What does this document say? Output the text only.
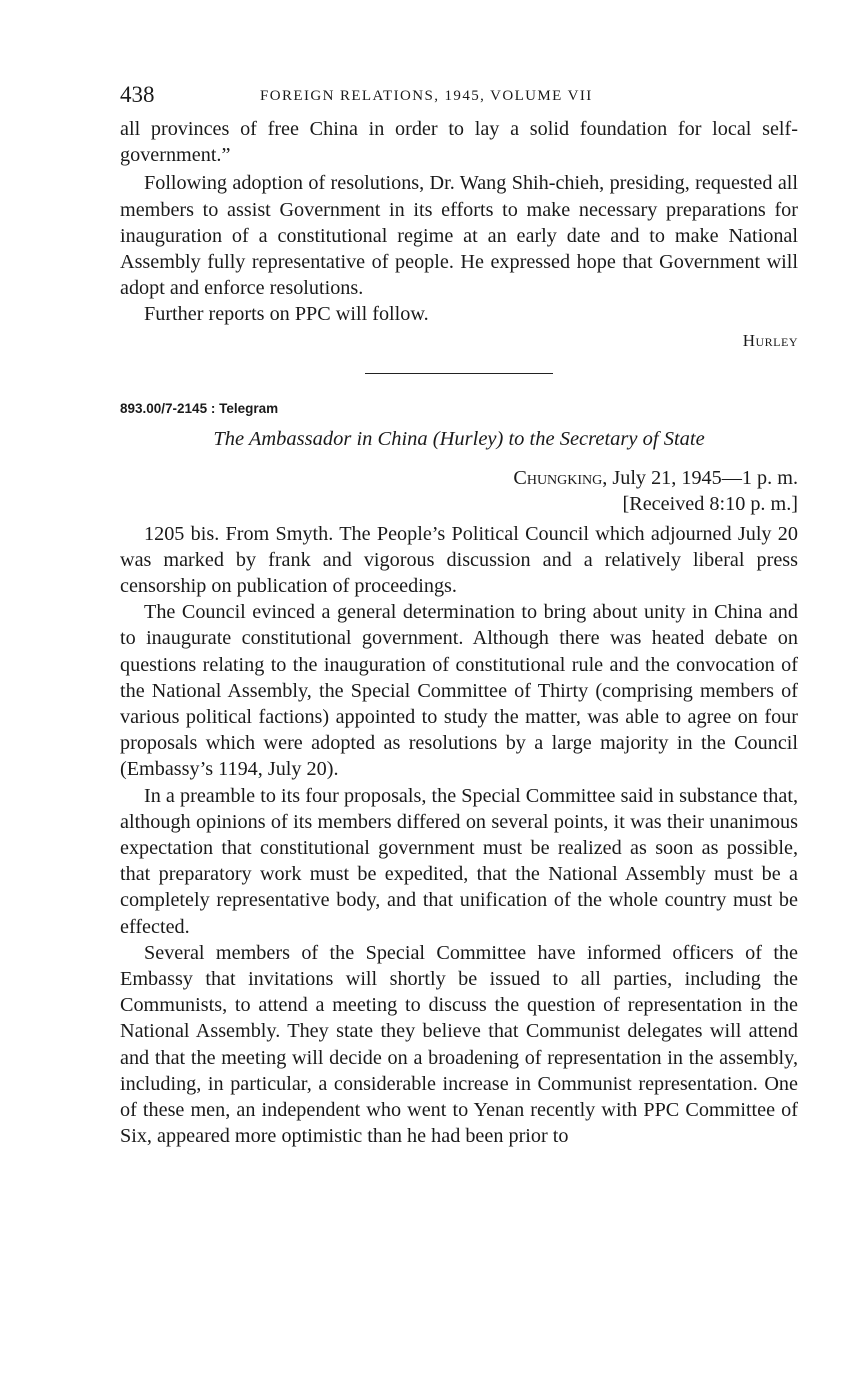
438	FOREIGN RELATIONS, 1945, VOLUME VII

all provinces of free China in order to lay a solid foundation for local self-government.”

Following adoption of resolutions, Dr. Wang Shih-chieh, presiding, requested all members to assist Government in its efforts to make necessary preparations for inauguration of a constitutional regime at an early date and to make National Assembly fully representative of people. He expressed hope that Government will adopt and enforce resolutions.

Further reports on PPC will follow.

Hurley

893.00/7-2145 : Telegram

The Ambassador in China (Hurley) to the Secretary of State

Chungking, July 21, 1945—1 p. m.

[Received 8:10 p. m.]

1205 bis. From Smyth. The People’s Political Council which adjourned July 20 was marked by frank and vigorous discussion and a relatively liberal press censorship on publication of proceedings.

The Council evinced a general determination to bring about unity in China and to inaugurate constitutional government. Although there was heated debate on questions relating to the inauguration of constitutional rule and the convocation of the National Assembly, the Special Committee of Thirty (comprising members of various political factions) appointed to study the matter, was able to agree on four proposals which were adopted as resolutions by a large majority in the Council (Embassy’s 1194, July 20).

In a preamble to its four proposals, the Special Committee said in substance that, although opinions of its members differed on several points, it was their unanimous expectation that constitutional government must be realized as soon as possible, that preparatory work must be expedited, that the National Assembly must be a completely representative body, and that unification of the whole country must be effected.

Several members of the Special Committee have informed officers of the Embassy that invitations will shortly be issued to all parties, including the Communists, to attend a meeting to discuss the question of representation in the National Assembly. They state they believe that Communist delegates will attend and that the meeting will decide on a broadening of representation in the assembly, including, in particular, a considerable increase in Communist representation. One of these men, an independent who went to Yenan recently with PPC Committee of Six, appeared more optimistic than he had been prior to
